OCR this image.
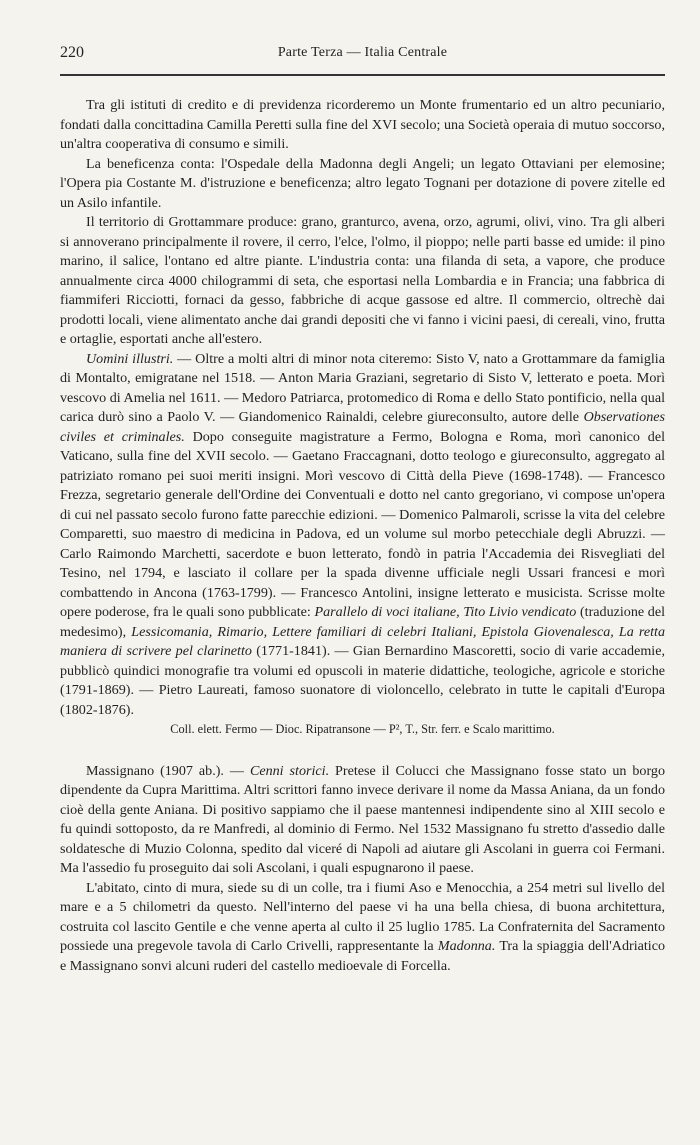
220	Parte Terza — Italia Centrale

Tra gli istituti di credito e di previdenza ricorderemo un Monte frumentario ed un altro pecuniario, fondati dalla concittadina Camilla Peretti sulla fine del XVI secolo; una Società operaia di mutuo soccorso, un'altra cooperativa di consumo e simili.

La beneficenza conta: l'Ospedale della Madonna degli Angeli; un legato Ottaviani per elemosine; l'Opera pia Costante M. d'istruzione e beneficenza; altro legato Tognani per dotazione di povere zitelle ed un Asilo infantile.

Il territorio di Grottammare produce: grano, granturco, avena, orzo, agrumi, olivi, vino. Tra gli alberi si annoverano principalmente il rovere, il cerro, l'elce, l'olmo, il pioppo; nelle parti basse ed umide: il pino marino, il salice, l'ontano ed altre piante. L'industria conta: una filanda di seta, a vapore, che produce annualmente circa 4000 chilogrammi di seta, che esportasi nella Lombardia e in Francia; una fabbrica di fiammiferi Ricciotti, fornaci da gesso, fabbriche di acque gassose ed altre. Il commercio, oltrechè dai prodotti locali, viene alimentato anche dai grandi depositi che vi fanno i vicini paesi, di cereali, vino, frutta e ortaglie, esportati anche all'estero.

Uomini illustri. — Oltre a molti altri di minor nota citeremo: Sisto V, nato a Grottammare da famiglia di Montalto, emigratane nel 1518. — Anton Maria Graziani, segretario di Sisto V, letterato e poeta. Morì vescovo di Amelia nel 1611. — Medoro Patriarca, protomedico di Roma e dello Stato pontificio, nella qual carica durò sino a Paolo V. — Giandomenico Rainaldi, celebre giureconsulto, autore delle Observationes civiles et criminales. Dopo conseguite magistrature a Fermo, Bologna e Roma, morì canonico del Vaticano, sulla fine del XVII secolo. — Gaetano Fraccagnani, dotto teologo e giureconsulto, aggregato al patriziato romano pei suoi meriti insigni. Morì vescovo di Città della Pieve (1698-1748). — Francesco Frezza, segretario generale dell'Ordine dei Conventuali e dotto nel canto gregoriano, vi compose un'opera di cui nel passato secolo furono fatte parecchie edizioni. — Domenico Palmaroli, scrisse la vita del celebre Comparetti, suo maestro di medicina in Padova, ed un volume sul morbo petecchiale degli Abruzzi. — Carlo Raimondo Marchetti, sacerdote e buon letterato, fondò in patria l'Accademia dei Risvegliati del Tesino, nel 1794, e lasciato il collare per la spada divenne ufficiale negli Ussari francesi e morì combattendo in Ancona (1763-1799). — Francesco Antolini, insigne letterato e musicista. Scrisse molte opere poderose, fra le quali sono pubblicate: Parallelo di voci italiane, Tito Livio vendicato (traduzione del medesimo), Lessicomania, Rimario, Lettere familiari di celebri Italiani, Epistola Giovenalesca, La retta maniera di scrivere pel clarinetto (1771-1841). — Gian Bernardino Mascoretti, socio di varie accademie, pubblicò quindici monografie tra volumi ed opuscoli in materie didattiche, teologiche, agricole e storiche (1791-1869). — Pietro Laureati, famoso suonatore di violoncello, celebrato in tutte le capitali d'Europa (1802-1876).

Coll. elett. Fermo — Dioc. Ripatransone — P², T., Str. ferr. e Scalo marittimo.

Massignano (1907 ab.). — Cenni storici. Pretese il Colucci che Massignano fosse stato un borgo dipendente da Cupra Marittima. Altri scrittori fanno invece derivare il nome da Massa Aniana, da un fondo cioè della gente Aniana. Di positivo sappiamo che il paese mantennesi indipendente sino al XIII secolo e fu quindi sottoposto, da re Manfredi, al dominio di Fermo. Nel 1532 Massignano fu stretto d'assedio dalle soldatesche di Muzio Colonna, spedito dal viceré di Napoli ad aiutare gli Ascolani in guerra coi Fermani. Ma l'assedio fu proseguito dai soli Ascolani, i quali espugnarono il paese.

L'abitato, cinto di mura, siede su di un colle, tra i fiumi Aso e Menocchia, a 254 metri sul livello del mare e a 5 chilometri da questo. Nell'interno del paese vi ha una bella chiesa, di buona architettura, costruita col lascito Gentile e che venne aperta al culto il 25 luglio 1785. La Confraternita del Sacramento possiede una pregevole tavola di Carlo Crivelli, rappresentante la Madonna. Tra la spiaggia dell'Adriatico e Massignano sonvi alcuni ruderi del castello medioevale di Forcella.
